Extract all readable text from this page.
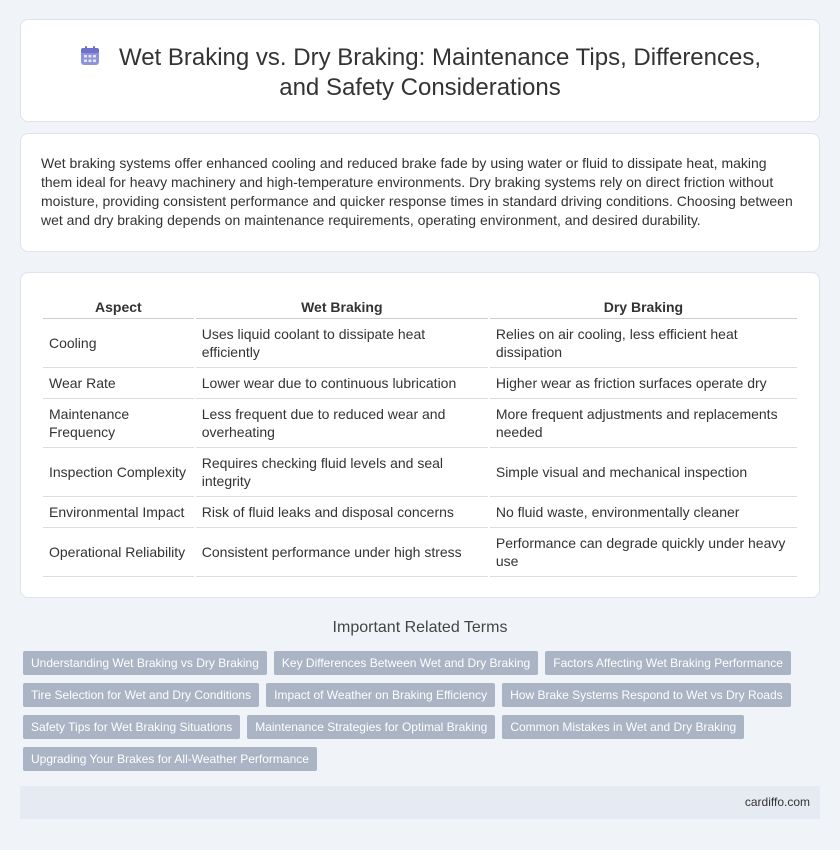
Wet Braking vs. Dry Braking: Maintenance Tips, Differences, and Safety Considerations

Wet braking systems offer enhanced cooling and reduced brake fade by using water or fluid to dissipate heat, making them ideal for heavy machinery and high-temperature environments. Dry braking systems rely on direct friction without moisture, providing consistent performance and quicker response times in standard driving conditions. Choosing between wet and dry braking depends on maintenance requirements, operating environment, and desired durability.

Aspect	Wet Braking	Dry Braking
Cooling	Uses liquid coolant to dissipate heat efficiently	Relies on air cooling, less efficient heat dissipation
Wear Rate	Lower wear due to continuous lubrication	Higher wear as friction surfaces operate dry
Maintenance Frequency	Less frequent due to reduced wear and overheating	More frequent adjustments and replacements needed
Inspection Complexity	Requires checking fluid levels and seal integrity	Simple visual and mechanical inspection
Environmental Impact	Risk of fluid leaks and disposal concerns	No fluid waste, environmentally cleaner
Operational Reliability	Consistent performance under high stress	Performance can degrade quickly under heavy use
Important Related Terms
Understanding Wet Braking vs Dry Braking	Key Differences Between Wet and Dry Braking	Factors Affecting Wet Braking Performance
Tire Selection for Wet and Dry Conditions	Impact of Weather on Braking Efficiency	How Brake Systems Respond to Wet vs Dry Roads
Safety Tips for Wet Braking Situations	Maintenance Strategies for Optimal Braking	Common Mistakes in Wet and Dry Braking
Upgrading Your Brakes for All-Weather Performance
cardiffo.com
